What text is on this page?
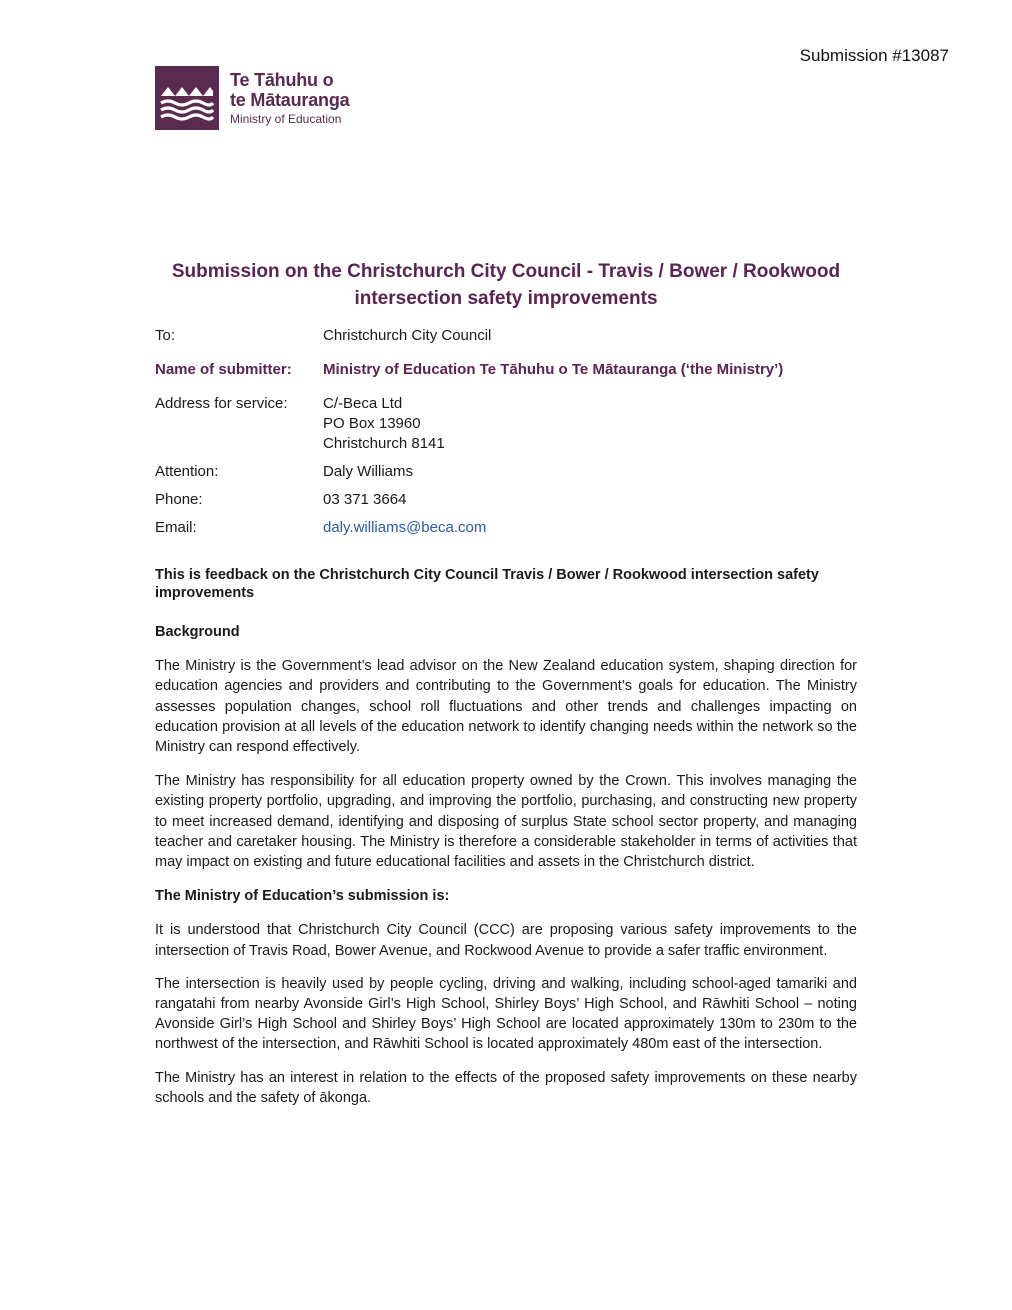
Submission #13087
Te Tāhuhu o
te Mātauranga
Ministry of Education
Submission on the Christchurch City Council - Travis / Bower / Rookwood
intersection safety improvements
To:	Christchurch City Council
Name of submitter:	Ministry of Education Te Tāhuhu o Te Mātauranga (‘the Ministry’)
Address for service:	C/-Beca Ltd
PO Box 13960
Christchurch 8141
Attention:	Daly Williams
Phone:	03 371 3664
Email:	daly.williams@beca.com

This is feedback on the Christchurch City Council Travis / Bower / Rookwood intersection safety improvements

Background

The Ministry is the Government’s lead advisor on the New Zealand education system, shaping direction for education agencies and providers and contributing to the Government’s goals for education. The Ministry assesses population changes, school roll fluctuations and other trends and challenges impacting on education provision at all levels of the education network to identify changing needs within the network so the Ministry can respond effectively.

The Ministry has responsibility for all education property owned by the Crown. This involves managing the existing property portfolio, upgrading, and improving the portfolio, purchasing, and constructing new property to meet increased demand, identifying and disposing of surplus State school sector property, and managing teacher and caretaker housing. The Ministry is therefore a considerable stakeholder in terms of activities that may impact on existing and future educational facilities and assets in the Christchurch district.

The Ministry of Education’s submission is:

It is understood that Christchurch City Council (CCC) are proposing various safety improvements to the intersection of Travis Road, Bower Avenue, and Rockwood Avenue to provide a safer traffic environment.

The intersection is heavily used by people cycling, driving and walking, including school-aged tamariki and rangatahi from nearby Avonside Girl’s High School, Shirley Boys’ High School, and Rāwhiti School – noting Avonside Girl’s High School and Shirley Boys’ High School are located approximately 130m to 230m to the northwest of the intersection, and Rāwhiti School is located approximately 480m east of the intersection.

The Ministry has an interest in relation to the effects of the proposed safety improvements on these nearby schools and the safety of ākonga.
